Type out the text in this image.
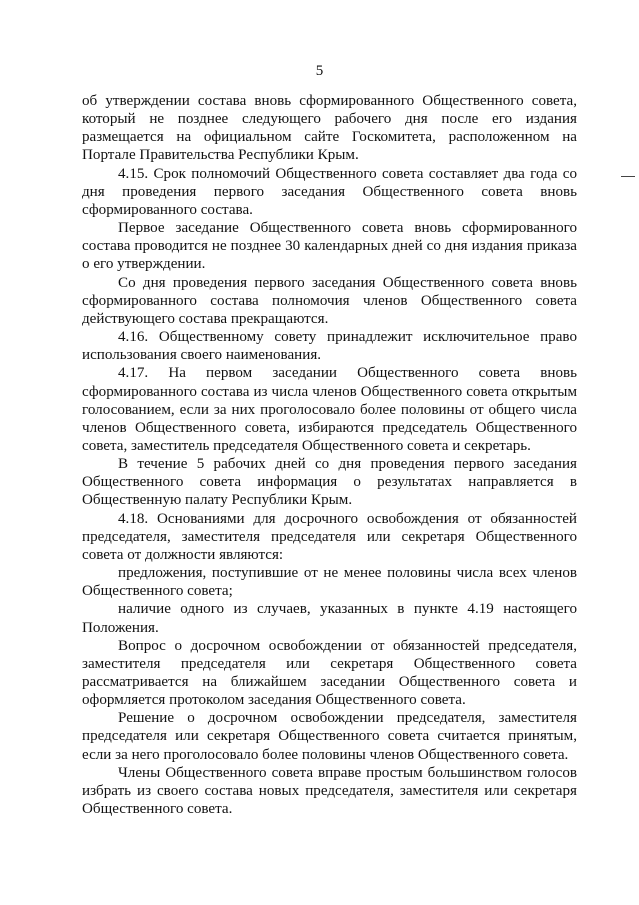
5

об утверждении состава вновь сформированного Общественного совета, который не позднее следующего рабочего дня после его издания размещается на официальном сайте Госкомитета, расположенном на Портале Правительства Республики Крым.

4.15. Срок полномочий Общественного совета составляет два года со дня проведения первого заседания Общественного совета вновь сформированного состава.

Первое заседание Общественного совета вновь сформированного состава проводится не позднее 30 календарных дней со дня издания приказа о его утверждении.

Со дня проведения первого заседания Общественного совета вновь сформированного состава полномочия членов Общественного совета действующего состава прекращаются.

4.16. Общественному совету принадлежит исключительное право использования своего наименования.

4.17. На первом заседании Общественного совета вновь сформированного состава из числа членов Общественного совета открытым голосованием, если за них проголосовало более половины от общего числа членов Общественного совета, избираются председатель Общественного совета, заместитель председателя Общественного совета и секретарь.

В течение 5 рабочих дней со дня проведения первого заседания Общественного совета информация о результатах направляется в Общественную палату Республики Крым.

4.18. Основаниями для досрочного освобождения от обязанностей председателя, заместителя председателя или секретаря Общественного совета от должности являются:

предложения, поступившие от не менее половины числа всех членов Общественного совета;

наличие одного из случаев, указанных в пункте 4.19 настоящего Положения.

Вопрос о досрочном освобождении от обязанностей председателя, заместителя председателя или секретаря Общественного совета рассматривается на ближайшем заседании Общественного совета и оформляется протоколом заседания Общественного совета.

Решение о досрочном освобождении председателя, заместителя председателя или секретаря Общественного совета считается принятым, если за него проголосовало более половины членов Общественного совета.

Члены Общественного совета вправе простым большинством голосов избрать из своего состава новых председателя, заместителя или секретаря Общественного совета.
